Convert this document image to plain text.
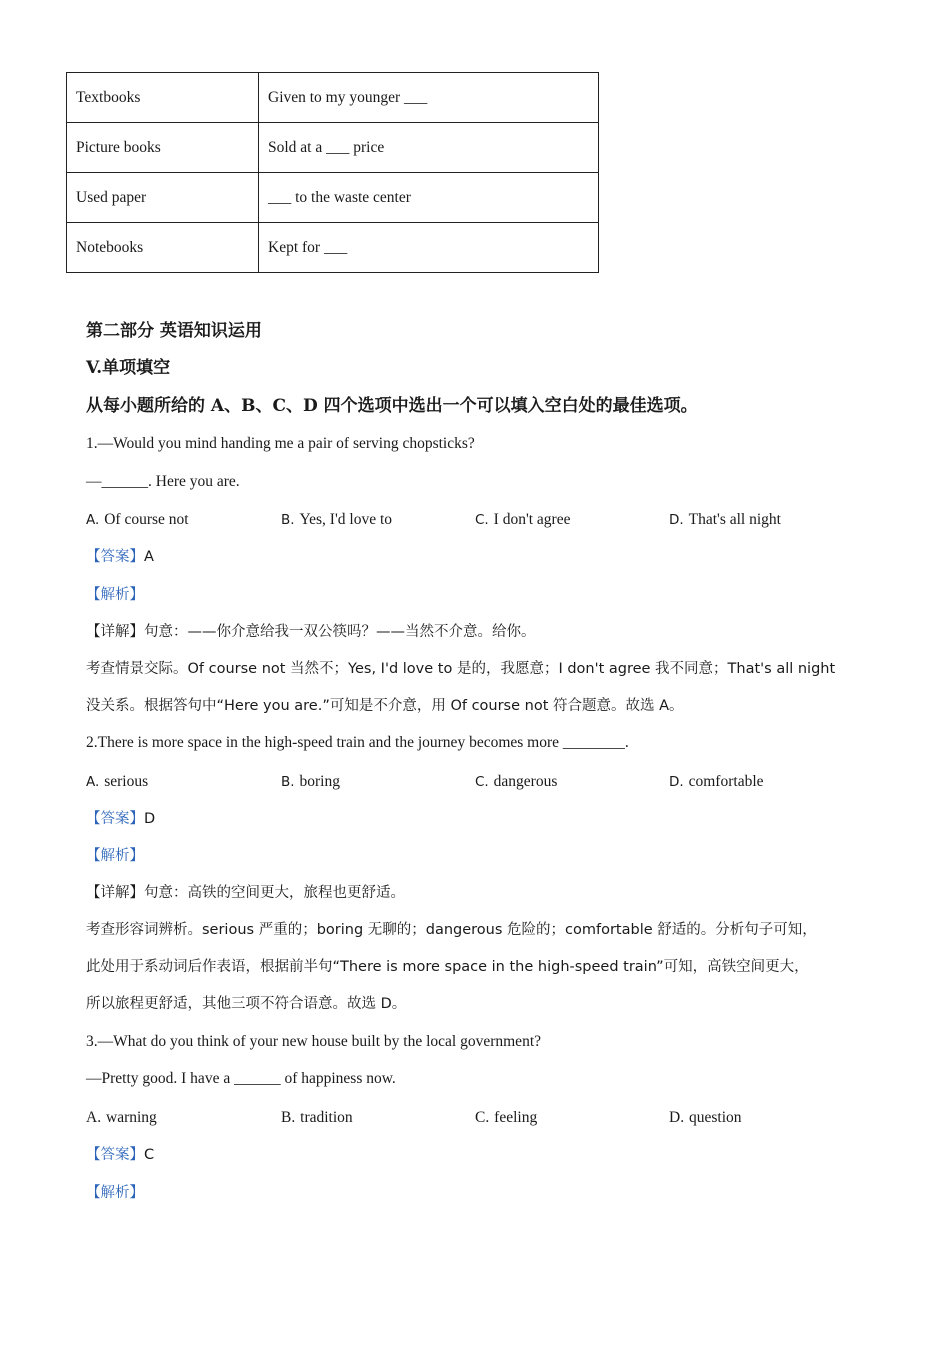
Textbooks	Given to my younger ___
Picture books	Sold at a ___ price
Used paper	___ to the waste center
Notebooks	Kept for ___
第二部分 英语知识运用
V.单项填空
从每小题所给的 A、B、C、D 四个选项中选出一个可以填入空白处的最佳选项。
1.—Would you mind handing me a pair of serving chopsticks?
—______. Here you are.
A. Of course not	B. Yes, I'd love to	C. I don't agree	D. That's all night
【答案】A
【解析】
【详解】句意：——你介意给我一双公筷吗？——当然不介意。给你。
考查情景交际。Of course not 当然不；Yes, I'd love to 是的，我愿意；I don't agree 我不同意；That's all night
没关系。根据答句中“Here you are.”可知是不介意，用 Of course not 符合题意。故选 A。
2.There is more space in the high-speed train and the journey becomes more ________.
A. serious	B. boring	C. dangerous	D. comfortable
【答案】D
【解析】
【详解】句意：高铁的空间更大，旅程也更舒适。
考查形容词辨析。serious 严重的；boring 无聊的；dangerous 危险的；comfortable 舒适的。分析句子可知，
此处用于系动词后作表语，根据前半句“There is more space in the high-speed train”可知，高铁空间更大，
所以旅程更舒适，其他三项不符合语意。故选 D。
3.—What do you think of your new house built by the local government?
—Pretty good. I have a ______ of happiness now.
A. warning	B. tradition	C. feeling	D. question
【答案】C
【解析】
